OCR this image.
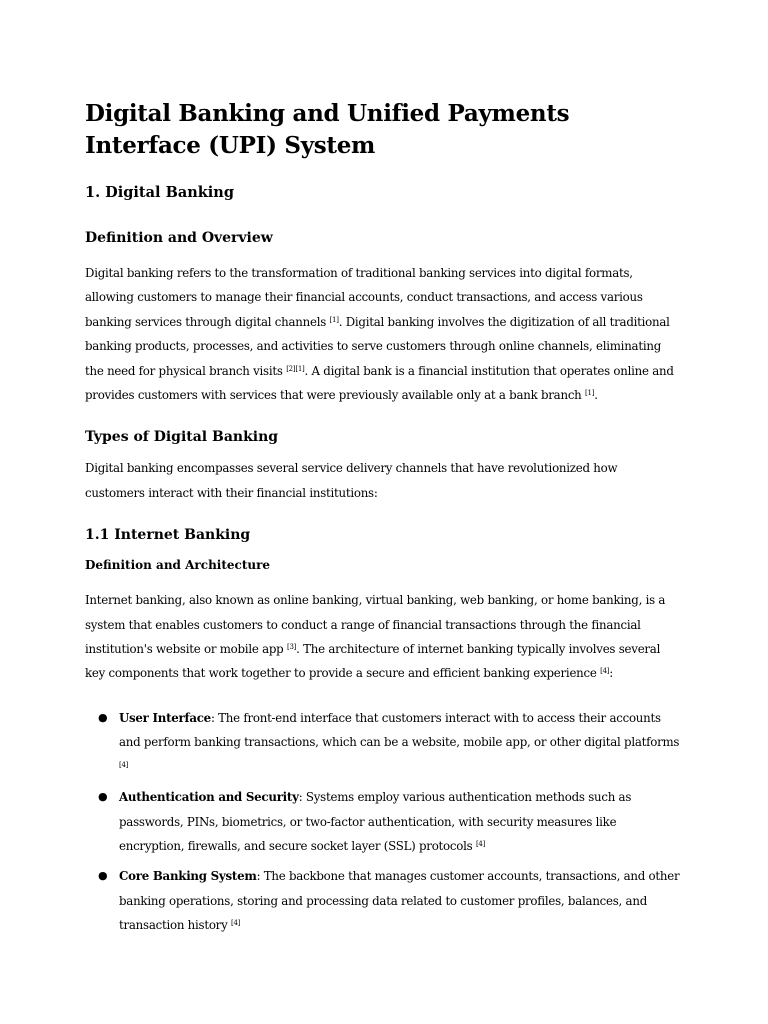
Digital Banking and Unified Payments Interface (UPI) System
1. Digital Banking
Definition and Overview

Digital banking refers to the transformation of traditional banking services into digital formats, allowing customers to manage their financial accounts, conduct transactions, and access various banking services through digital channels [1]. Digital banking involves the digitization of all traditional banking products, processes, and activities to serve customers through online channels, eliminating the need for physical branch visits [2][1]. A digital bank is a financial institution that operates online and provides customers with services that were previously available only at a bank branch [1].

Types of Digital Banking

Digital banking encompasses several service delivery channels that have revolutionized how customers interact with their financial institutions:

1.1 Internet Banking
Definition and Architecture

Internet banking, also known as online banking, virtual banking, web banking, or home banking, is a system that enables customers to conduct a range of financial transactions through the financial institution's website or mobile app [3]. The architecture of internet banking typically involves several key components that work together to provide a secure and efficient banking experience [4]:

● User Interface: The front-end interface that customers interact with to access their accounts and perform banking transactions, which can be a website, mobile app, or other digital platforms [4]
● Authentication and Security: Systems employ various authentication methods such as passwords, PINs, biometrics, or two-factor authentication, with security measures like encryption, firewalls, and secure socket layer (SSL) protocols [4]
● Core Banking System: The backbone that manages customer accounts, transactions, and other banking operations, storing and processing data related to customer profiles, balances, and transaction history [4]
